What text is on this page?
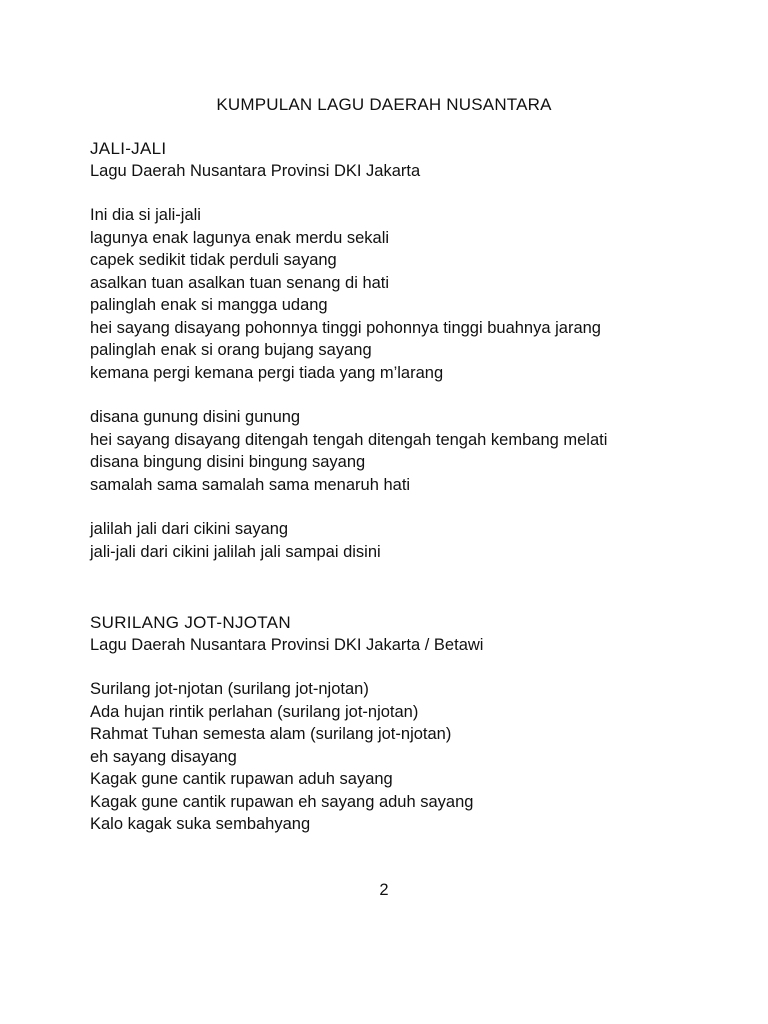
KUMPULAN LAGU DAERAH NUSANTARA
JALI-JALI
Lagu Daerah Nusantara Provinsi DKI Jakarta
Ini dia si jali-jali
lagunya enak lagunya enak merdu sekali
capek sedikit tidak perduli sayang
asalkan tuan asalkan tuan senang di hati
palinglah enak si mangga udang
hei sayang disayang pohonnya tinggi pohonnya tinggi buahnya jarang
palinglah enak si orang bujang sayang
kemana pergi kemana pergi tiada yang m’larang
disana gunung disini gunung
hei sayang disayang ditengah tengah ditengah tengah kembang melati
disana bingung disini bingung sayang
samalah sama samalah sama menaruh hati
jalilah jali dari cikini sayang
jali-jali dari cikini jalilah jali sampai disini
SURILANG JOT-NJOTAN
Lagu Daerah Nusantara Provinsi DKI Jakarta / Betawi
Surilang jot-njotan (surilang jot-njotan)
Ada hujan rintik perlahan (surilang jot-njotan)
Rahmat Tuhan semesta alam (surilang jot-njotan)
eh sayang disayang
Kagak gune cantik rupawan aduh sayang
Kagak gune cantik rupawan eh sayang aduh sayang
Kalo kagak suka sembahyang
2
